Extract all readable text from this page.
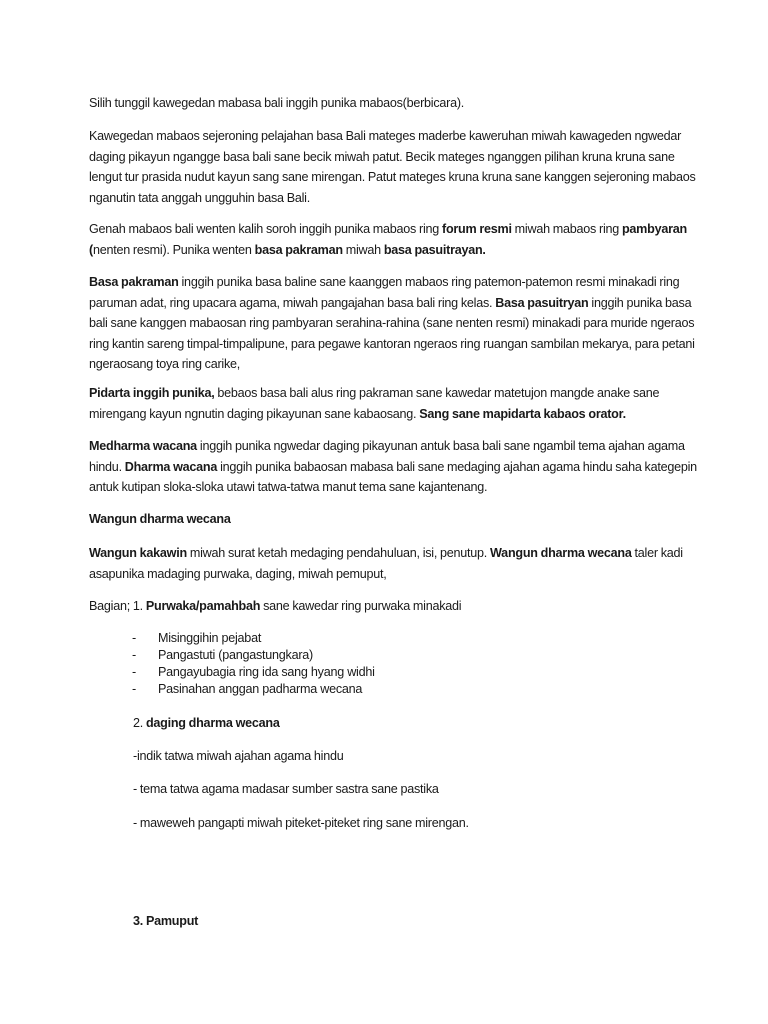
Silih tunggil kawegedan mabasa bali inggih punika mabaos(berbicara).

Kawegedan mabaos sejeroning pelajahan basa Bali mateges maderbe kaweruhan miwah kawageden ngwedar daging pikayun ngangge basa bali sane becik miwah patut. Becik mateges nganggen pilihan kruna kruna sane lengut tur prasida nudut kayun sang sane mirengan. Patut mateges kruna kruna sane kanggen sejeroning mabaos nganutin tata anggah ungguhin basa Bali.

Genah mabaos bali wenten kalih soroh inggih punika mabaos ring forum resmi miwah mabaos ring pambyaran (nenten resmi). Punika wenten basa pakraman miwah basa pasuitrayan.

Basa pakraman inggih punika basa baline sane kaanggen mabaos ring patemon-patemon resmi minakadi ring paruman adat, ring upacara agama, miwah pangajahan basa bali ring kelas. Basa pasuitryan inggih punika basa bali sane kanggen mabaosan ring pambyaran serahina-rahina (sane nenten resmi) minakadi para muride ngeraos ring kantin sareng timpal-timpalipune, para pegawe kantoran ngeraos ring ruangan sambilan mekarya, para petani ngeraosang toya ring carike,

Pidarta inggih punika, bebaos basa bali alus ring pakraman sane kawedar matetujon mangde anake sane mirengang kayun ngnutin daging pikayunan sane kabaosang. Sang sane mapidarta kabaos orator.

Medharma wacana inggih punika ngwedar daging pikayunan antuk basa bali sane ngambil tema ajahan agama hindu. Dharma wacana inggih punika babaosan mabasa bali sane medaging ajahan agama hindu saha kategepin antuk kutipan sloka-sloka utawi tatwa-tatwa manut tema sane kajantenang.

Wangun dharma wecana

Wangun kakawin miwah surat ketah medaging pendahuluan, isi, penutup. Wangun dharma wecana taler kadi asapunika madaging purwaka, daging, miwah pemuput,

Bagian; 1. Purwaka/pamahbah sane kawedar ring purwaka minakadi

- Misinggihin pejabat
- Pangastuti (pangastungkara)
- Pangayubagia ring ida sang hyang widhi
- Pasinahan anggan padharma wecana

2. daging dharma wecana

-indik tatwa miwah ajahan agama hindu

- tema tatwa agama madasar sumber sastra sane pastika

- maweweh pangapti miwah piteket-piteket ring sane mirengan.

3. Pamuput
